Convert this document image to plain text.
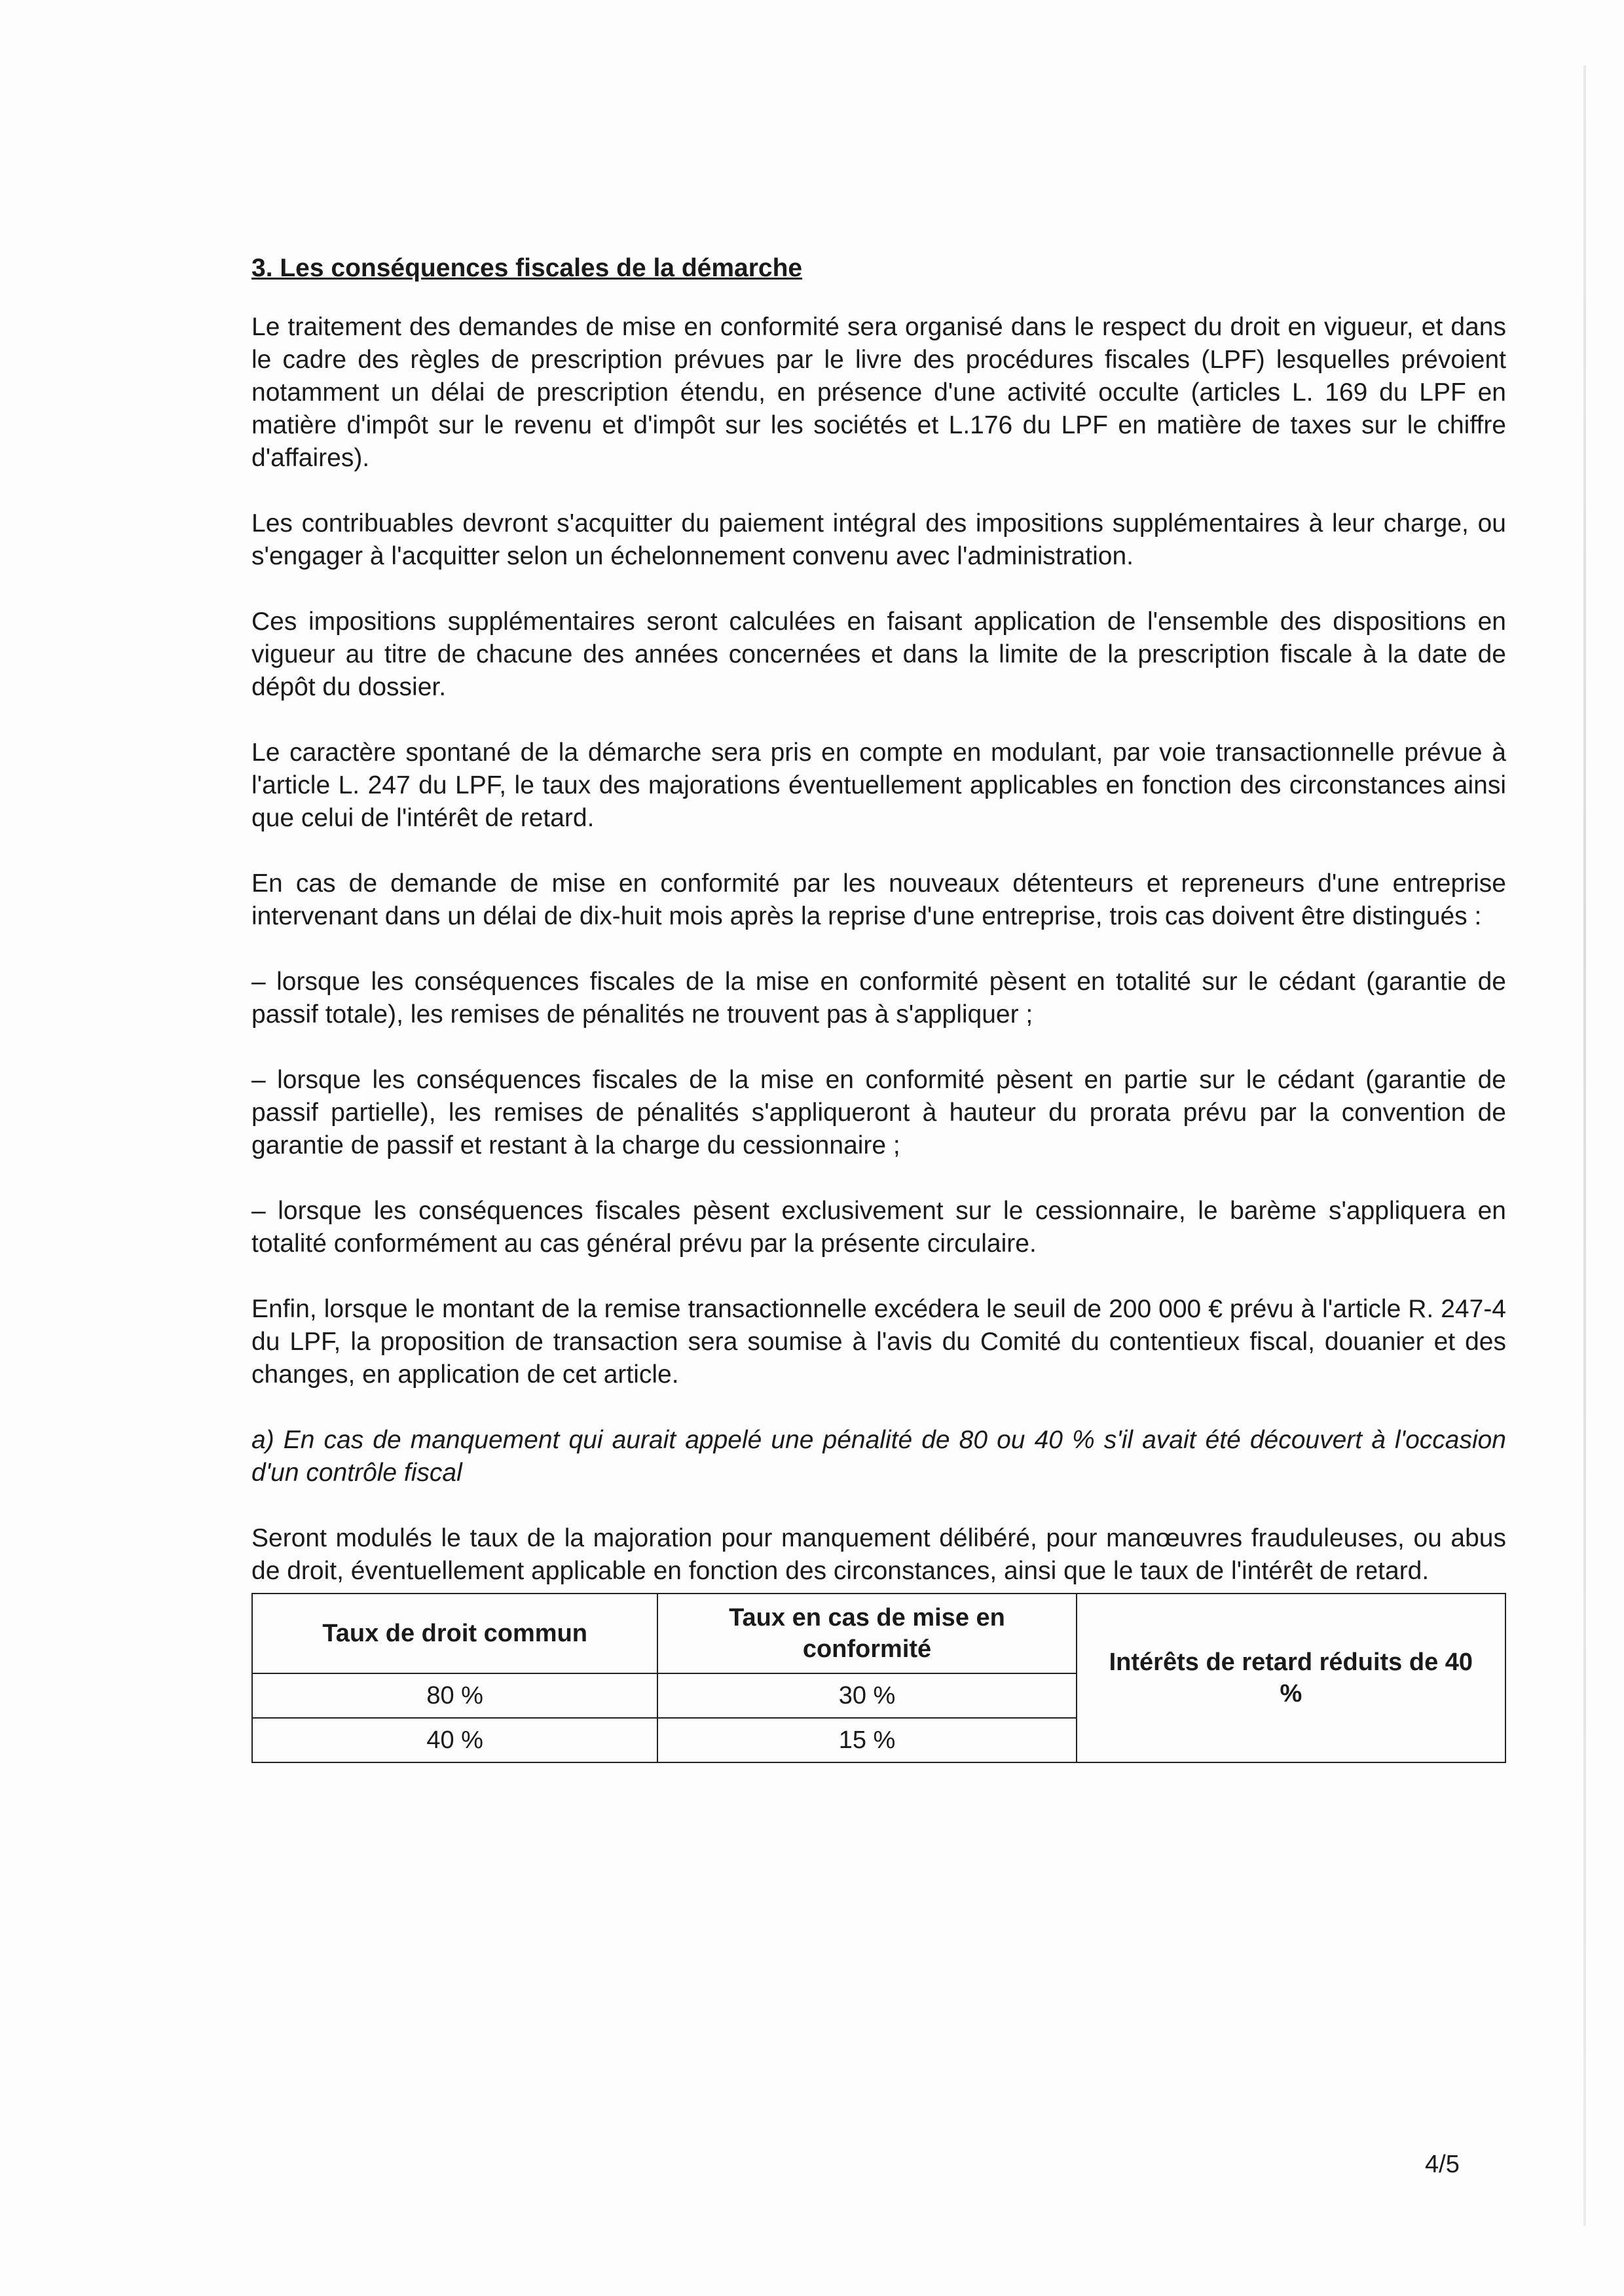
3. Les conséquences fiscales de la démarche

Le traitement des demandes de mise en conformité sera organisé dans le respect du droit en vigueur, et dans le cadre des règles de prescription prévues par le livre des procédures fiscales (LPF) lesquelles prévoient notamment un délai de prescription étendu, en présence d'une activité occulte (articles L. 169 du LPF en matière d'impôt sur le revenu et d'impôt sur les sociétés et L.176 du LPF en matière de taxes sur le chiffre d'affaires).

Les contribuables devront s'acquitter du paiement intégral des impositions supplémentaires à leur charge, ou s'engager à l'acquitter selon un échelonnement convenu avec l'administration.

Ces impositions supplémentaires seront calculées en faisant application de l'ensemble des dispositions en vigueur au titre de chacune des années concernées et dans la limite de la prescription fiscale à la date de dépôt du dossier.

Le caractère spontané de la démarche sera pris en compte en modulant, par voie transactionnelle prévue à l'article L. 247 du LPF, le taux des majorations éventuellement applicables en fonction des circonstances ainsi que celui de l'intérêt de retard.

En cas de demande de mise en conformité par les nouveaux détenteurs et repreneurs d'une entreprise intervenant dans un délai de dix-huit mois après la reprise d'une entreprise, trois cas doivent être distingués :

– lorsque les conséquences fiscales de la mise en conformité pèsent en totalité sur le cédant (garantie de passif totale), les remises de pénalités ne trouvent pas à s'appliquer ;

– lorsque les conséquences fiscales de la mise en conformité pèsent en partie sur le cédant (garantie de passif partielle), les remises de pénalités s'appliqueront à hauteur du prorata prévu par la convention de garantie de passif et restant à la charge du cessionnaire ;

– lorsque les conséquences fiscales pèsent exclusivement sur le cessionnaire, le barème s'appliquera en totalité conformément au cas général prévu par la présente circulaire.

Enfin, lorsque le montant de la remise transactionnelle excédera le seuil de 200 000 € prévu à l'article R. 247-4 du LPF, la proposition de transaction sera soumise à l'avis du Comité du contentieux fiscal, douanier et des changes, en application de cet article.

a) En cas de manquement qui aurait appelé une pénalité de 80 ou 40 % s'il avait été découvert à l'occasion d'un contrôle fiscal

Seront modulés le taux de la majoration pour manquement délibéré, pour manœuvres frauduleuses, ou abus de droit, éventuellement applicable en fonction des circonstances, ainsi que le taux de l'intérêt de retard.

Taux de droit commun	Taux en cas de mise en conformité	Intérêts de retard réduits de 40 %
80 %	30 %	
40 %	15 %	
4/5
